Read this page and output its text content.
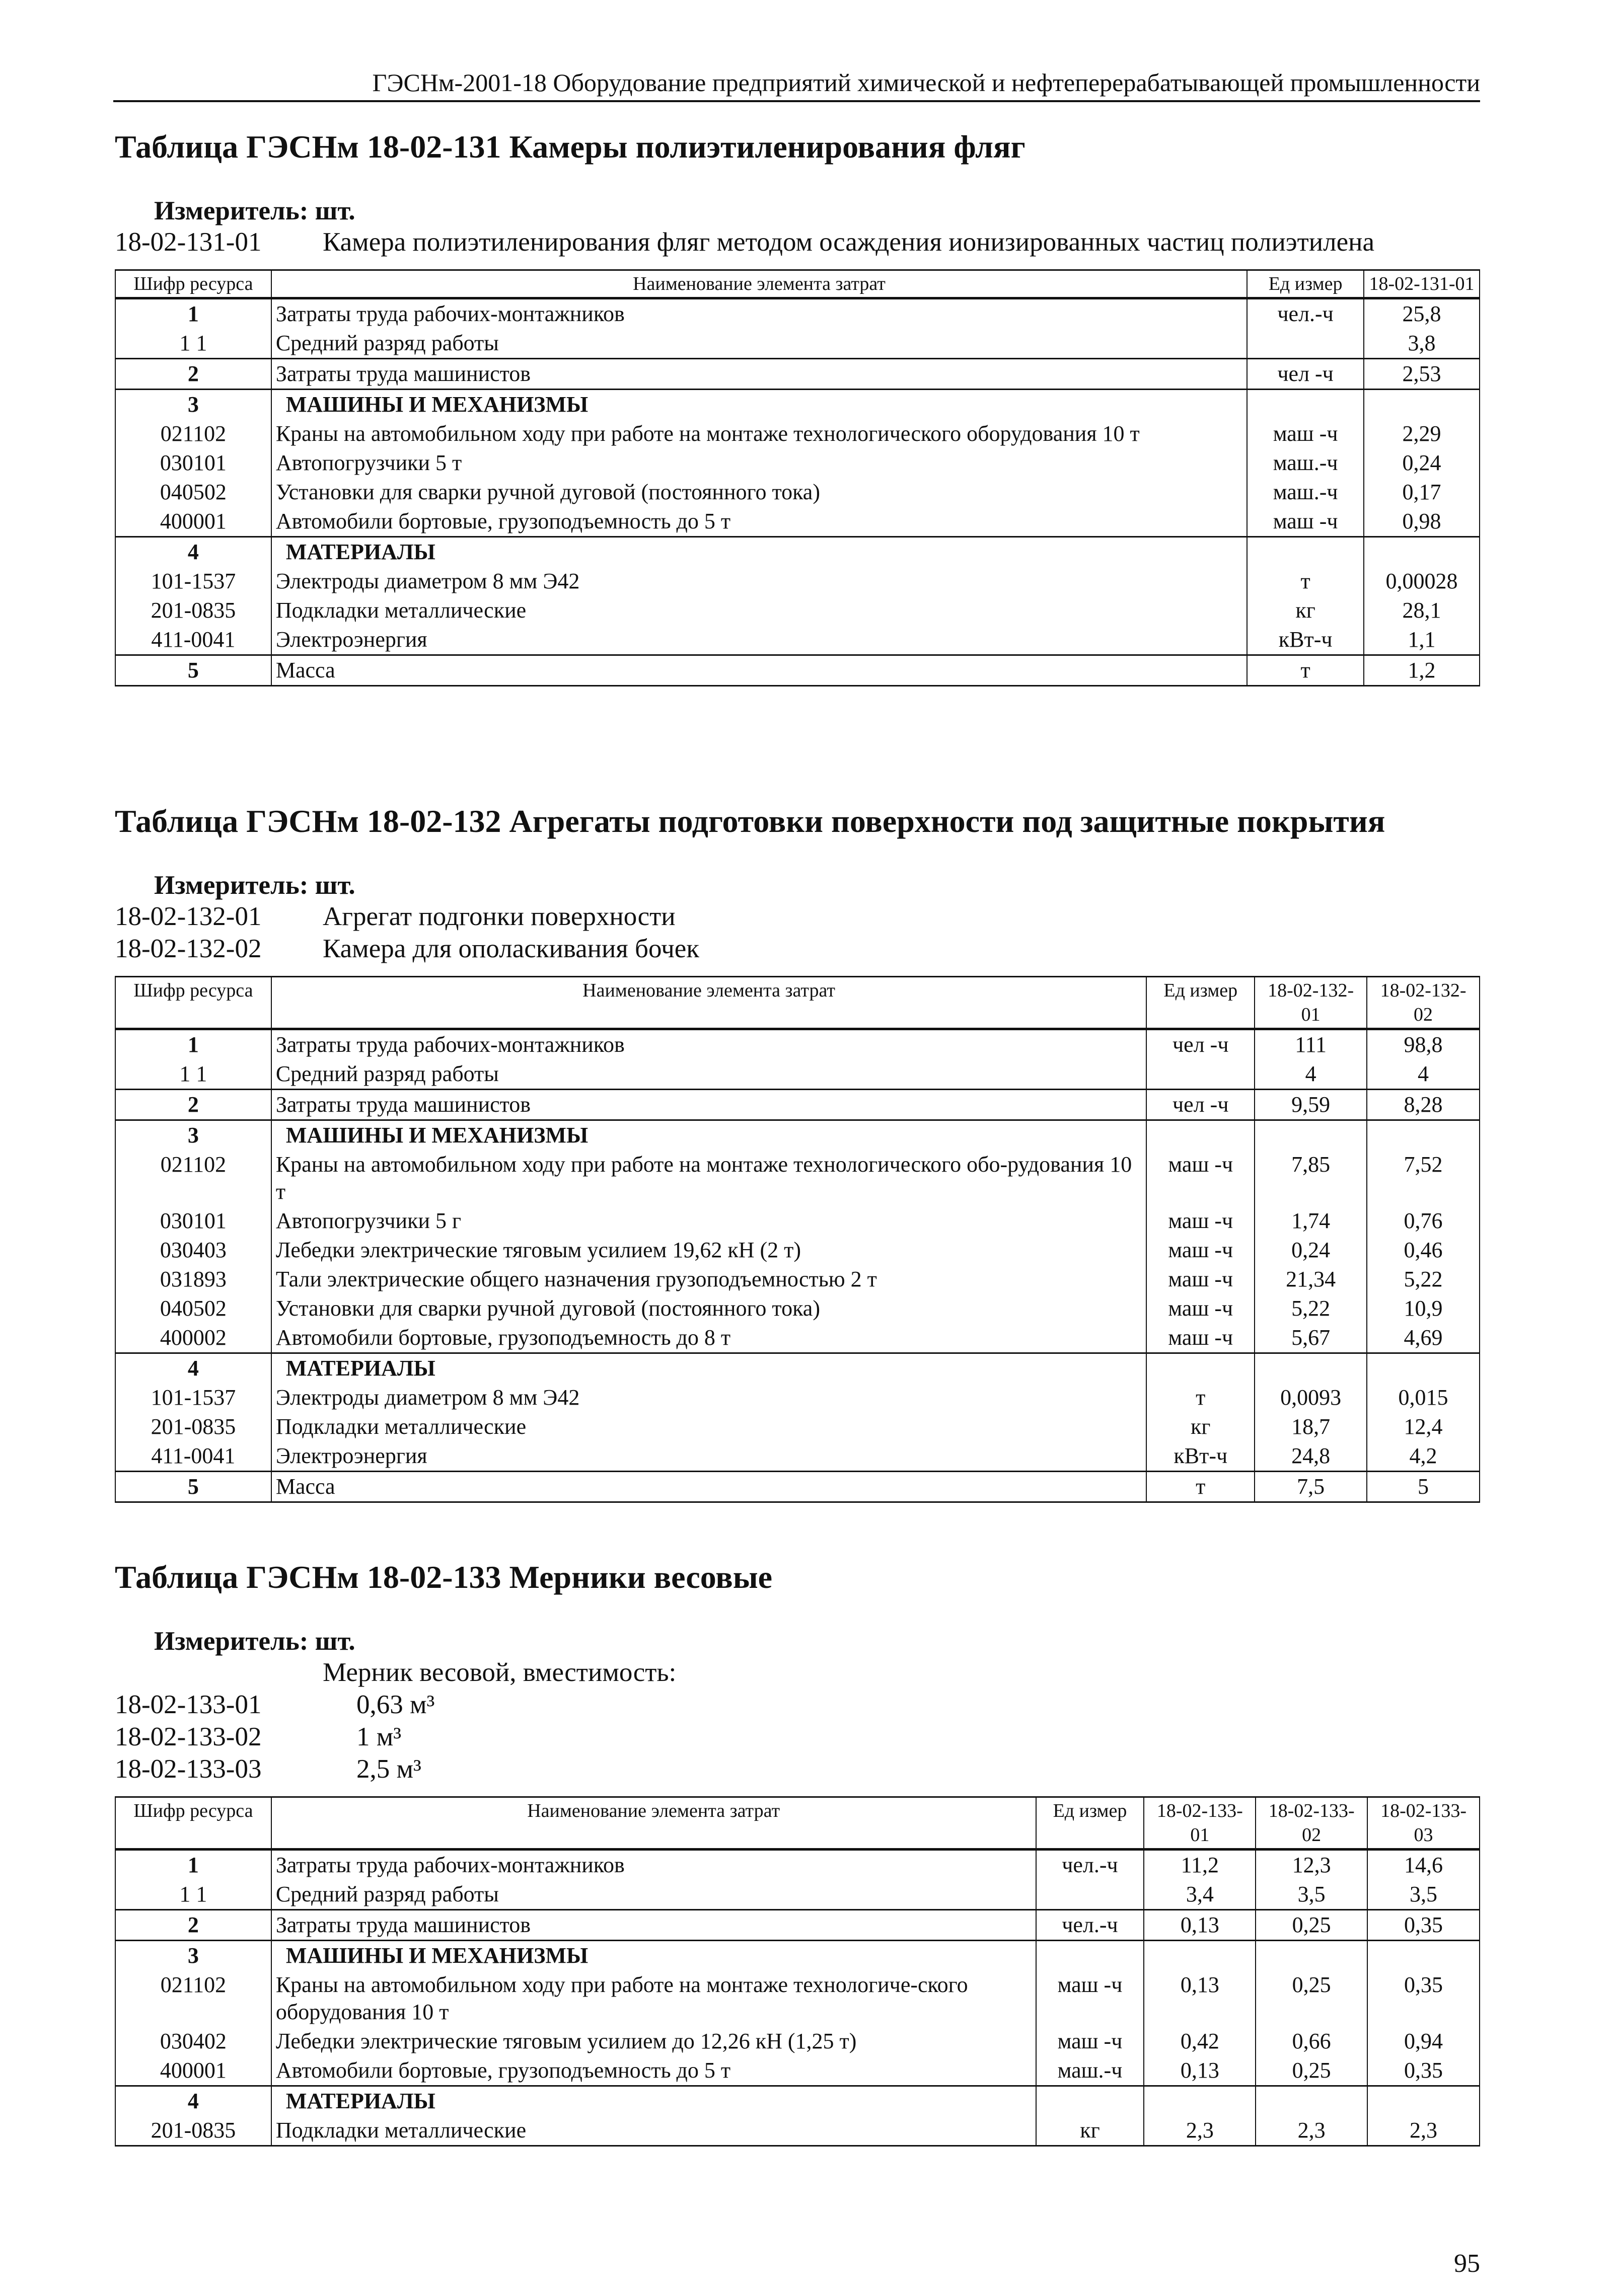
ГЭСНм-2001-18 Оборудование предприятий химической и нефтеперерабатывающей промышленности
Таблица ГЭСНм 18-02-131 Камеры полиэтиленирования фляг
Измеритель: шт.
18-02-131-01	Камера полиэтиленирования фляг методом осаждения ионизированных частиц полиэтилена
Шифр ресурса	Наименование элемента затрат	Ед измер	18-02-131-01
1	Затраты труда рабочих-монтажников	чел.-ч	25,8
1 1	Средний разряд работы		3,8
2	Затраты труда машинистов	чел -ч	2,53
3	МАШИНЫ И МЕХАНИЗМЫ		
021102	Краны на автомобильном ходу при работе на монтаже технологического оборудования 10 т	маш -ч	2,29
030101	Автопогрузчики 5 т	маш.-ч	0,24
040502	Установки для сварки ручной дуговой (постоянного тока)	маш.-ч	0,17
400001	Автомобили бортовые, грузоподъемность до 5 т	маш -ч	0,98
4	МАТЕРИАЛЫ		
101-1537	Электроды диаметром 8 мм Э42	т	0,00028
201-0835	Подкладки металлические	кг	28,1
411-0041	Электроэнергия	кВт-ч	1,1
5	Масса	т	1,2
Таблица ГЭСНм 18-02-132 Агрегаты подготовки поверхности под защитные покрытия
Измеритель: шт.
18-02-132-01	Агрегат подгонки поверхности
18-02-132-02	Камера для ополаскивания бочек
Шифр ресурса	Наименование элемента затрат	Ед измер	18-02-132-01	18-02-132-02
1	Затраты труда рабочих-монтажников	чел -ч	111	98,8
1 1	Средний разряд работы		4	4
2	Затраты труда машинистов	чел -ч	9,59	8,28
3	МАШИНЫ И МЕХАНИЗМЫ			
021102	Краны на автомобильном ходу при работе на монтаже технологического обо-рудования 10 т	маш -ч	7,85	7,52
030101	Автопогрузчики 5 г	маш -ч	1,74	0,76
030403	Лебедки электрические тяговым усилием 19,62 кН (2 т)	маш -ч	0,24	0,46
031893	Тали электрические общего назначения грузоподъемностью 2 т	маш -ч	21,34	5,22
040502	Установки для сварки ручной дуговой (постоянного тока)	маш -ч	5,22	10,9
400002	Автомобили бортовые, грузоподъемность до 8 т	маш -ч	5,67	4,69
4	МАТЕРИАЛЫ			
101-1537	Электроды диаметром 8 мм Э42	т	0,0093	0,015
201-0835	Подкладки металлические	кг	18,7	12,4
411-0041	Электроэнергия	кВт-ч	24,8	4,2
5	Масса	т	7,5	5
Таблица ГЭСНм 18-02-133 Мерники весовые
Измеритель: шт.
Мерник весовой, вместимость:
18-02-133-01	0,63 м³
18-02-133-02	1 м³
18-02-133-03	2,5 м³
Шифр ресурса	Наименование элемента затрат	Ед измер	18-02-133-01	18-02-133-02	18-02-133-03
1	Затраты труда рабочих-монтажников	чел.-ч	11,2	12,3	14,6
1 1	Средний разряд работы		3,4	3,5	3,5
2	Затраты труда машинистов	чел.-ч	0,13	0,25	0,35
3	МАШИНЫ И МЕХАНИЗМЫ				
021102	Краны на автомобильном ходу при работе на монтаже технологиче-ского оборудования 10 т	маш -ч	0,13	0,25	0,35
030402	Лебедки электрические тяговым усилием до 12,26 кН (1,25 т)	маш -ч	0,42	0,66	0,94
400001	Автомобили бортовые, грузоподъемность до 5 т	маш.-ч	0,13	0,25	0,35
4	МАТЕРИАЛЫ				
201-0835	Подкладки металлические	кг	2,3	2,3	2,3
95
